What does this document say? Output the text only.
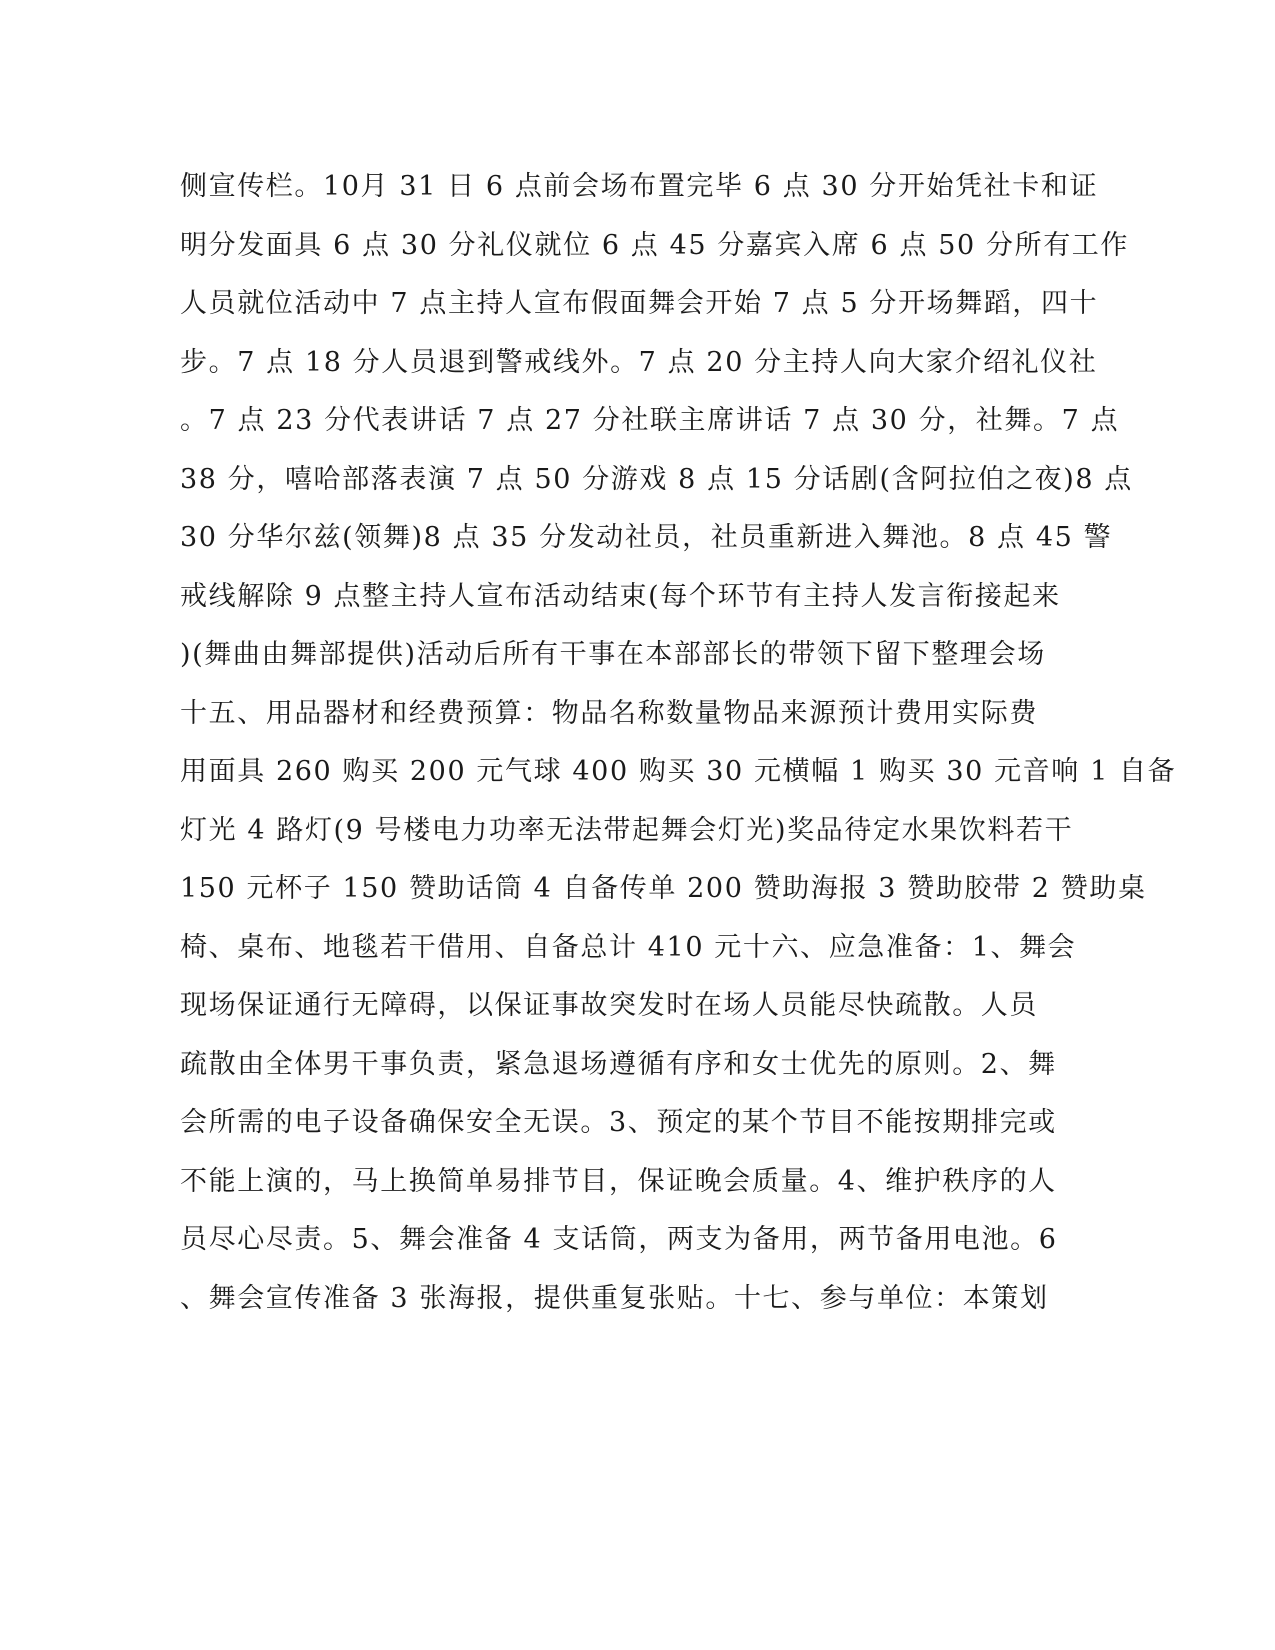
侧宣传栏。10月 31 日 6 点前会场布置完毕 6 点 30 分开始凭社卡和证
明分发面具 6 点 30 分礼仪就位 6 点 45 分嘉宾入席 6 点 50 分所有工作
人员就位活动中 7 点主持人宣布假面舞会开始 7 点 5 分开场舞蹈，四十
步。7 点 18 分人员退到警戒线外。7 点 20 分主持人向大家介绍礼仪社
。7 点 23 分代表讲话 7 点 27 分社联主席讲话 7 点 30 分，社舞。7 点
38 分，嘻哈部落表演 7 点 50 分游戏 8 点 15 分话剧(含阿拉伯之夜)8 点
30 分华尔兹(领舞)8 点 35 分发动社员，社员重新进入舞池。8 点 45 警
戒线解除 9 点整主持人宣布活动结束(每个环节有主持人发言衔接起来
)(舞曲由舞部提供)活动后所有干事在本部部长的带领下留下整理会场
十五、用品器材和经费预算：物品名称数量物品来源预计费用实际费
用面具 260 购买 200 元气球 400 购买 30 元横幅 1 购买 30 元音响 1 自备
灯光 4 路灯(9 号楼电力功率无法带起舞会灯光)奖品待定水果饮料若干
150 元杯子 150 赞助话筒 4 自备传单 200 赞助海报 3 赞助胶带 2 赞助桌
椅、桌布、地毯若干借用、自备总计 410 元十六、应急准备：1、舞会
现场保证通行无障碍，以保证事故突发时在场人员能尽快疏散。人员
疏散由全体男干事负责，紧急退场遵循有序和女士优先的原则。2、舞
会所需的电子设备确保安全无误。3、预定的某个节目不能按期排完或
不能上演的，马上换简单易排节目，保证晚会质量。4、维护秩序的人
员尽心尽责。5、舞会准备 4 支话筒，两支为备用，两节备用电池。6
、舞会宣传准备 3 张海报，提供重复张贴。十七、参与单位：本策划
